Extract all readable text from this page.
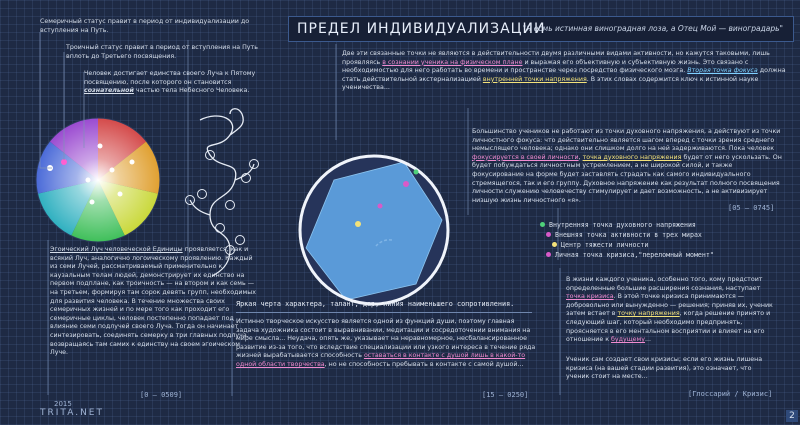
ПРЕДЕЛ ИНДИВИДУАЛИЗАЦИИ
"Я есмь истинная виноградная лоза, а Отец Мой — виноградарь"
Семеричный статус правит в период от индивидуализации до вступления на Путь.
Троичный статус правит в период от вступления на Путь вплоть до Третьего посвящения.
Человек достигает единства своего Луча к Пятому посвящению, после которого он становится сознательной частью тела Небесного Человека.
Две эти связанные точки не являются в действительности двумя различными видами активности, но кажутся таковыми, лишь проявляясь в сознании ученика на физическом плане и выражая его объективную и субъективную жизнь. Это связано с необходимостью для него работать во времени и пространстве через посредство физического мозга. Вторая точка фокуса должна стать действительной экстернализацией внутренней точки напряжения. В этих словах содержится ключ к истинной науке ученичества...
Большинство учеников не работают из точки духовного напряжения, а действуют из точки личностного фокуса: что действительно является шагом вперед с точки зрения среднего немыслящего человека; однако они слишком долго на ней задерживаются. Пока человек фокусируется в своей личности, точка духовного напряжения будет от него ускользать. Он будет побуждаться личностным устремлением, а не широкой силой, и также фокусирование на форме будет заставлять страдать как самого индивидуального стремящегося, так и его группу. Духовное напряжение как результат полного посвящения личности служению человечеству стимулирует и дает возможность, а не активизирует низшую жизнь личностного «я».
[05 — 0745]
Внутренняя точка духовного напряжения
Внешняя точка активности в трех мирах
Центр тяжести личности
Личная точка кризиса,"переломный момент"
В жизни каждого ученика, особенно того, кому предстоит определенные большие расширения сознания, наступает точка кризиса. В этой точке кризиса принимаются — добровольно или вынужденно — решения; приняв их, ученик затем встает в точку напряжения, когда решение принято и следующий шаг, который необходимо предпринять, проясняется в его ментальном восприятии и влияет на его отношение к будущему...
Ученик сам создает свои кризисы; если его жизнь лишена кризиса (на вашей стадии развития), это означает, что ученик стоит на месте...
[Глоссарий / Кризис]
Эгоический Луч человеческой Единицы проявляется, как и всякий Луч, аналогично логоическому проявлению. Каждый из семи Лучей, рассматриваемый применительно к каузальным телам людей, демонстрирует их единство на первом подплане, как троичность — на втором и как семь — на третьем, формируя там сорок девять групп, необходимых для развития человека. В течение множества своих семеричных жизней и по мере того как проходит его семеричные циклы, человек постепенно попадает под влияние семи подлучей своего Луча. Тогда он начинает синтезировать, соединять семерку в три главных подлуча, возвращаясь там самих к единству на своем эгоическом Луче.
[0 — 0509]
Яркая черта характера, талант, дар, линия наименьшего сопротивления.
Истинно творческое искусство является одной из функций души, поэтому главная задача художника состоит в выравнивании, медитации и сосредоточении внимания на мире смысла... Неудача, опять же, указывает на неравномерное, несбалансированное развитие из-за того, что вследствие специализации или узкого интереса в течение ряда жизней вырабатывается способность оставаться в контакте с душой лишь в какой-то одной области творчества, но не способность пребывать в контакте с самой душой...
[15 — 0250]
2015
TRITA.NET	2
